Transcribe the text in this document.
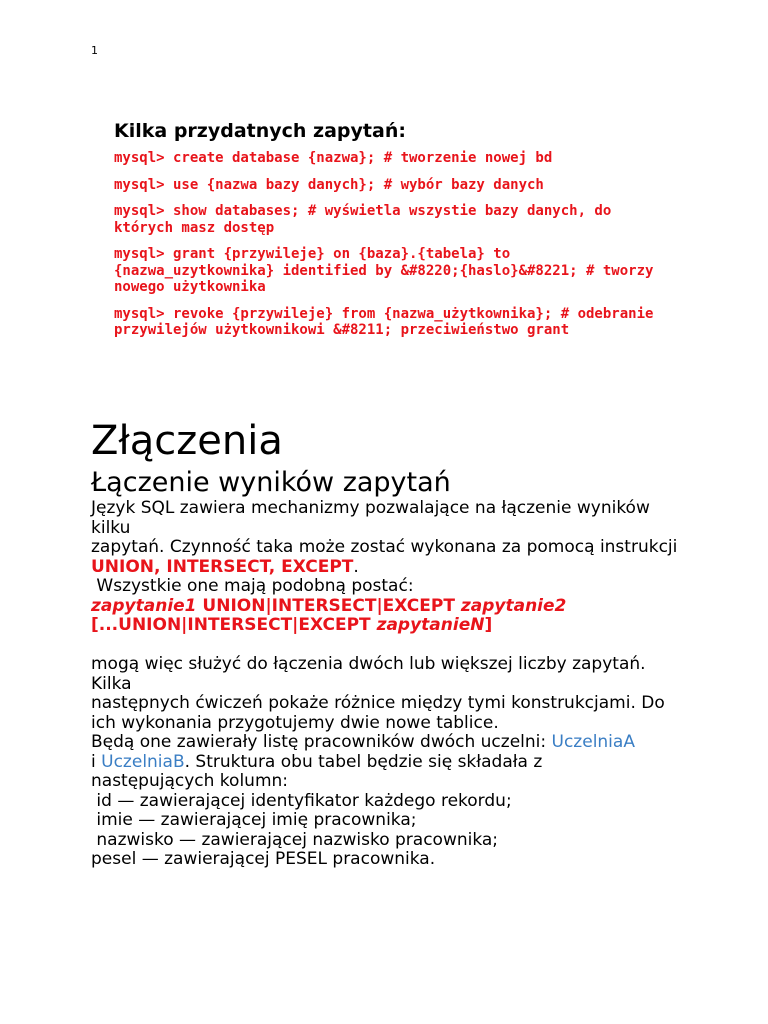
1
Kilka przydatnych zapytań:

mysql> create database {nazwa}; # tworzenie nowej bd

mysql> use {nazwa bazy danych}; # wybór bazy danych

mysql> show databases; # wyświetla wszystie bazy danych, do których masz dostęp

mysql> grant {przywileje} on {baza}.{tabela} to {nazwa_uzytkownika} identified by &#8220;{haslo}&#8221; # tworzy nowego użytkownika

mysql> revoke {przywileje} from {nazwa_użytkownika}; # odebranie przywilejów użytkownikowi &#8211; przeciwieństwo grant

Złączenia
Łączenie wyników zapytań

Język SQL zawiera mechanizmy pozwalające na łączenie wyników kilku

zapytań. Czynność taka może zostać wykonana za pomocą instrukcji

UNION, INTERSECT, EXCEPT.

Wszystkie one mają podobną postać:

zapytanie1 UNION|INTERSECT|EXCEPT zapytanie2

[...UNION|INTERSECT|EXCEPT zapytanieN]

mogą więc służyć do łączenia dwóch lub większej liczby zapytań. Kilka

następnych ćwiczeń pokaże różnice między tymi konstrukcjami. Do

ich wykonania przygotujemy dwie nowe tablice.

Będą one zawierały listę pracowników dwóch uczelni: UczelniaA

i UczelniaB. Struktura obu tabel będzie się składała z

następujących kolumn:

id — zawierającej identyfikator każdego rekordu;

imie — zawierającej imię pracownika;

nazwisko — zawierającej nazwisko pracownika;

pesel — zawierającej PESEL pracownika.
